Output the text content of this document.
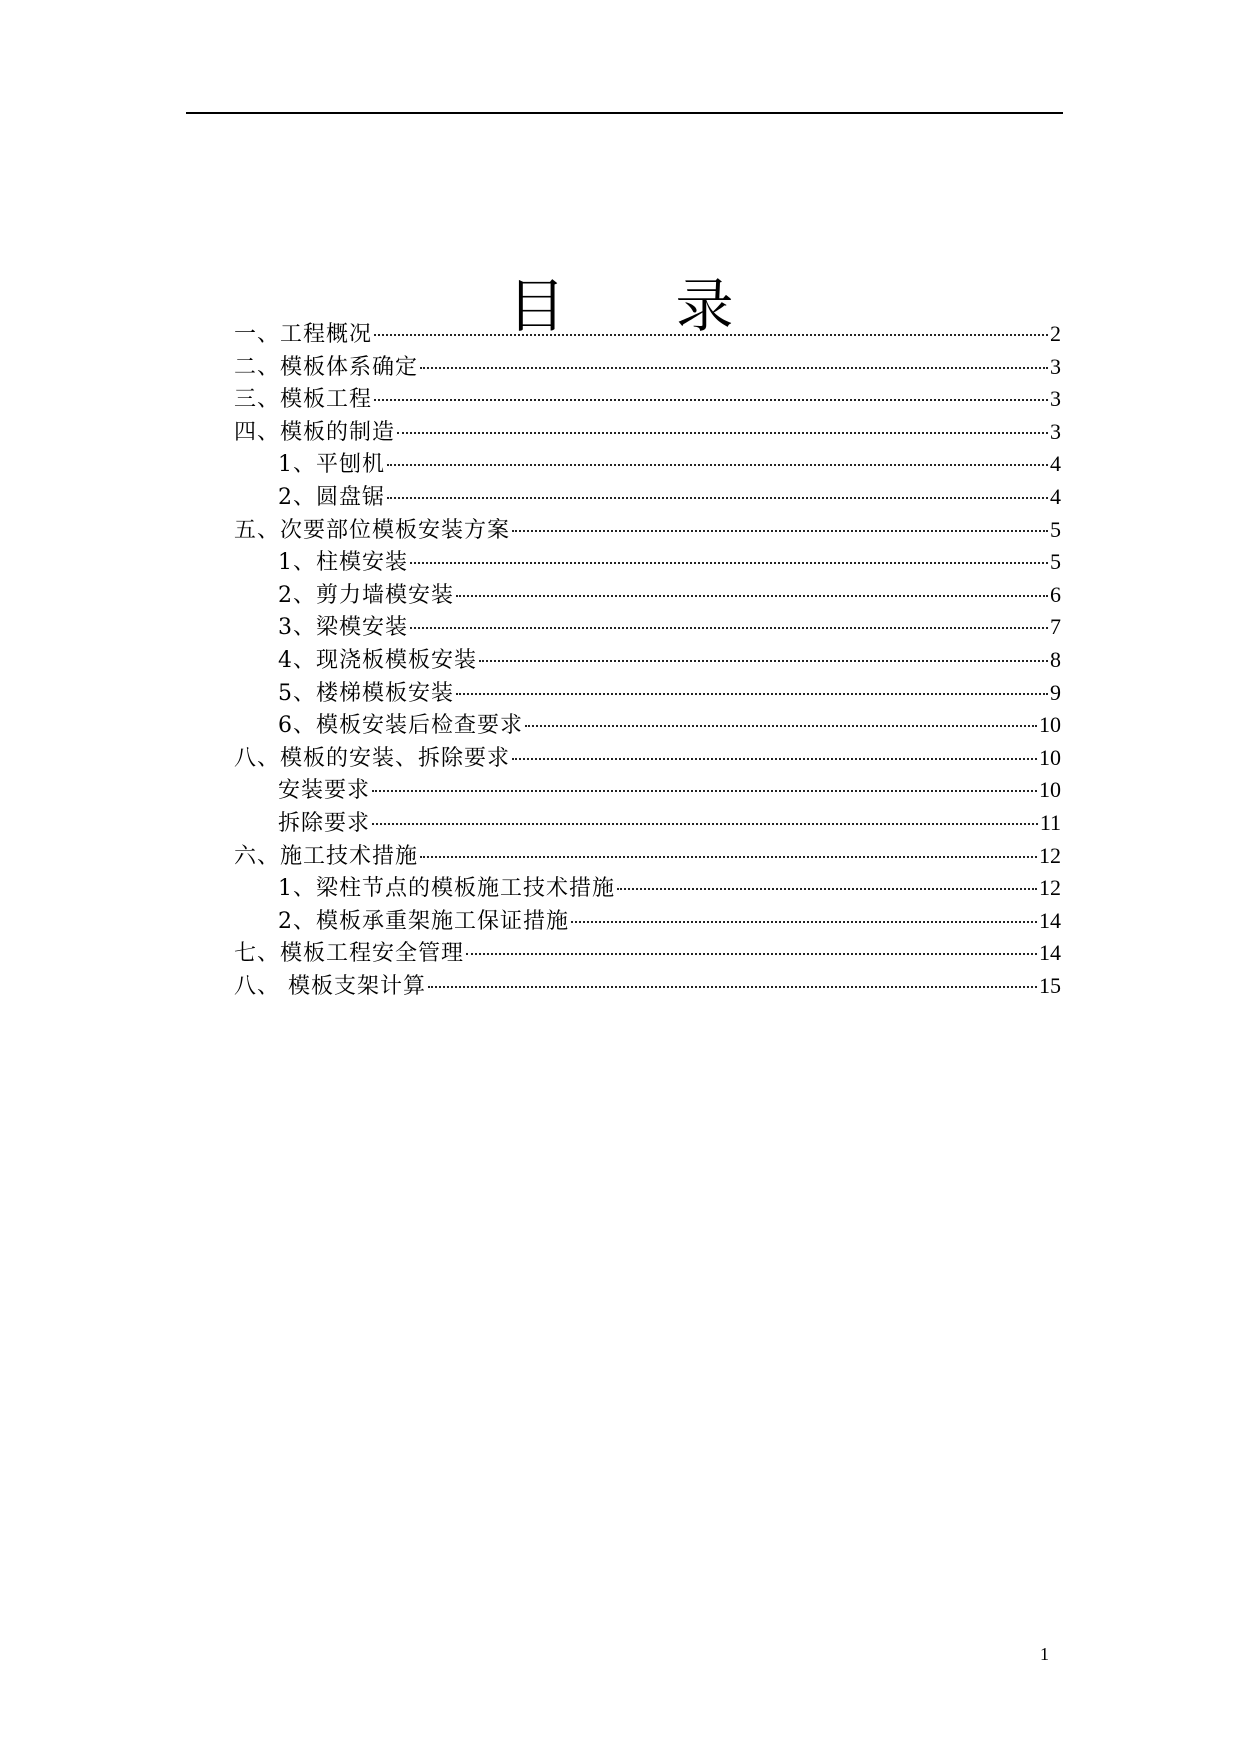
目 录
一、工程概况	2
二、模板体系确定	3
三、模板工程	3
四、模板的制造	3
1、平刨机	4
2、圆盘锯	4
五、次要部位模板安装方案	5
1、柱模安装	5
2、剪力墙模安装	6
3、梁模安装	7
4、现浇板模板安装	8
5、楼梯模板安装	9
6、模板安装后检查要求	10
八、模板的安装、拆除要求	10
安装要求	10
拆除要求	11
六、施工技术措施	12
1、梁柱节点的模板施工技术措施	12
2、模板承重架施工保证措施	14
七、模板工程安全管理	14
八、 模板支架计算	15
1
